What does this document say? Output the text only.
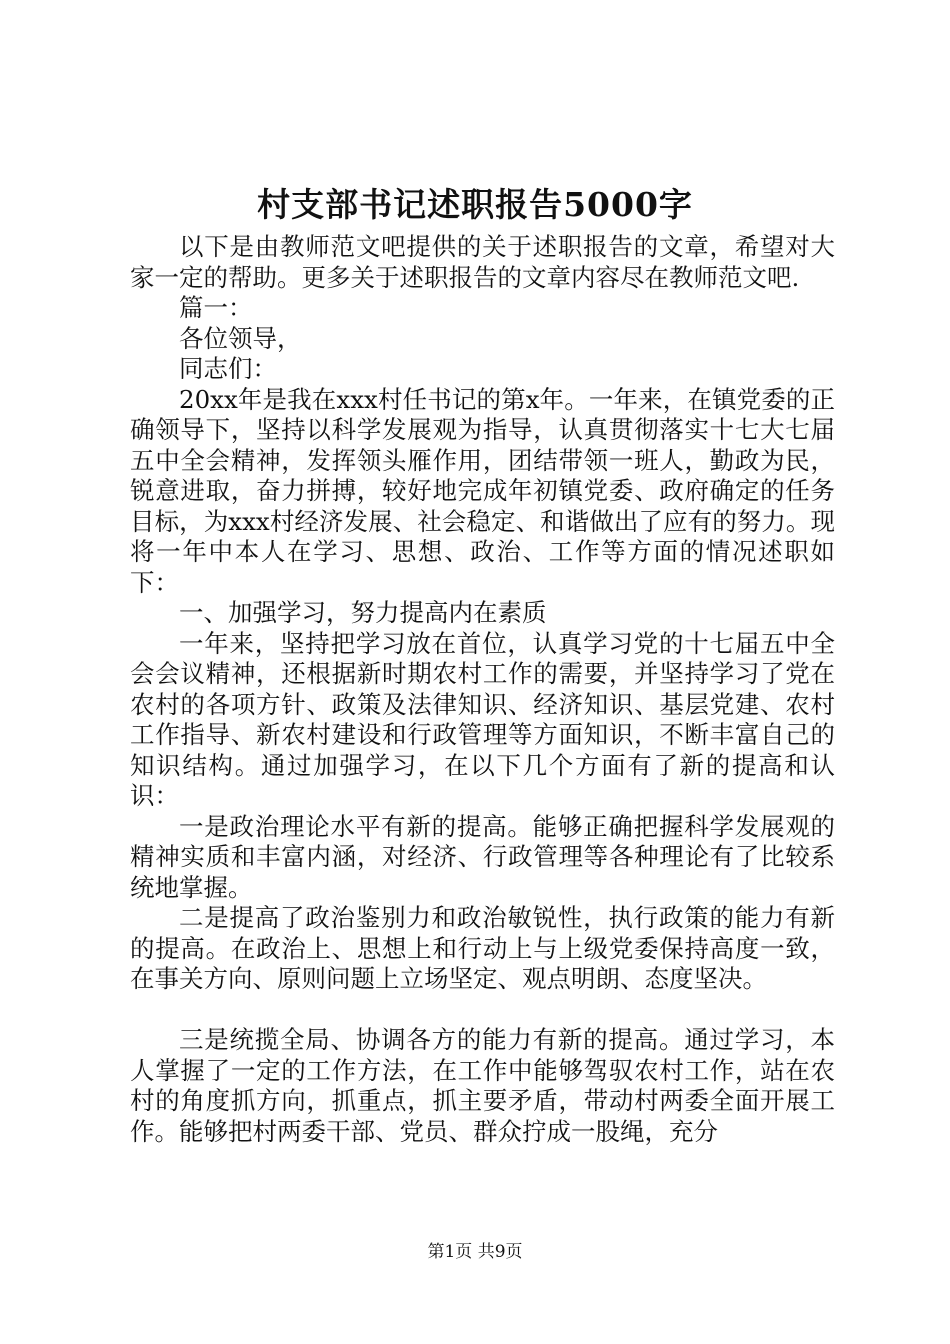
村支部书记述职报告5000字

以下是由教师范文吧提供的关于述职报告的文章，希望对大家一定的帮助。更多关于述职报告的文章内容尽在教师范文吧.

篇一：

各位领导，

同志们：

20xx年是我在xxx村任书记的第x年。一年来，在镇党委的正确领导下，坚持以科学发展观为指导，认真贯彻落实十七大七届五中全会精神，发挥领头雁作用，团结带领一班人，勤政为民，锐意进取，奋力拼搏，较好地完成年初镇党委、政府确定的任务目标，为xxx村经济发展、社会稳定、和谐做出了应有的努力。现将一年中本人在学习、思想、政治、工作等方面的情况述职如下：

一、加强学习，努力提高内在素质

一年来，坚持把学习放在首位，认真学习党的十七届五中全会会议精神，还根据新时期农村工作的需要，并坚持学习了党在农村的各项方针、政策及法律知识、经济知识、基层党建、农村工作指导、新农村建设和行政管理等方面知识，不断丰富自己的知识结构。通过加强学习，在以下几个方面有了新的提高和认识：

一是政治理论水平有新的提高。能够正确把握科学发展观的精神实质和丰富内涵，对经济、行政管理等各种理论有了比较系统地掌握。

二是提高了政治鉴别力和政治敏锐性，执行政策的能力有新的提高。在政治上、思想上和行动上与上级党委保持高度一致，在事关方向、原则问题上立场坚定、观点明朗、态度坚决。

三是统揽全局、协调各方的能力有新的提高。通过学习，本人掌握了一定的工作方法，在工作中能够驾驭农村工作，站在农村的角度抓方向，抓重点，抓主要矛盾，带动村两委全面开展工作。能够把村两委干部、党员、群众拧成一股绳，充分

第1页 共9页
